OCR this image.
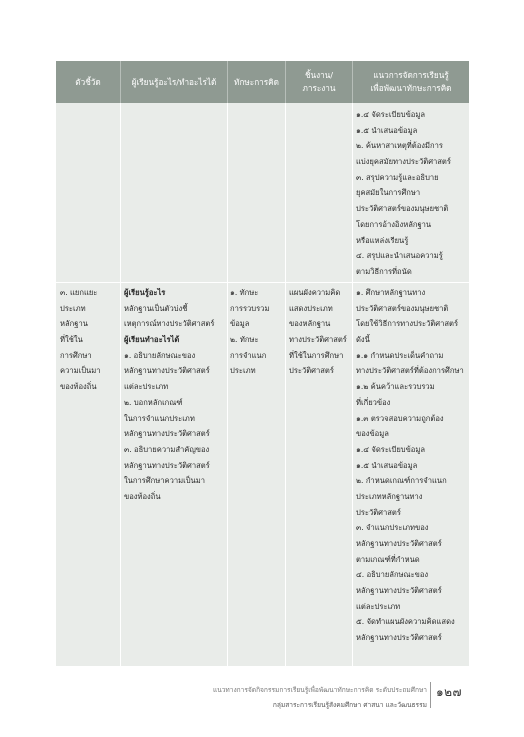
ตัวชี้วัด	ผู้เรียนรู้อะไร/ทำอะไรได้ ทักษะการคิด
ชิ้นงาน/
ภาระงาน
แนวการจัดการเรียนรู้
เพื่อพัฒนาทักษะการคิด
๑.๔ จัดระเบียบข้อมูล
๑.๕ นำเสนอข้อมูล
๒. ค้นหาสาเหตุที่ต้องมีการ
แบ่งยุคสมัยทางประวัติศาสตร์
๓. สรุปความรู้และอธิบาย
ยุคสมัยในการศึกษา
ประวัติศาสตร์ของมนุษยชาติ
โดยการอ้างอิงหลักฐาน
หรือแหล่งเรียนรู้
๔. สรุปและนำเสนอความรู้
ตามวิธีการที่ถนัด
๓. แยกแยะ
ประเภท
หลักฐาน
ที่ใช้ใน
การศึกษา
ความเป็นมา
ของท้องถิ่น
ผู้เรียนรู้อะไร
หลักฐานเป็นตัวบ่งชี้
เหตุการณ์ทางประวัติศาสตร์
ผู้เรียนทำอะไรได้
๑. อธิบายลักษณะของ
หลักฐานทางประวัติศาสตร์
แต่ละประเภท
๒. บอกหลักเกณฑ์
ในการจำแนกประเภท
หลักฐานทางประวัติศาสตร์
๓. อธิบายความสำคัญของ
หลักฐานทางประวัติศาสตร์
ในการศึกษาความเป็นมา
ของท้องถิ่น
๑. ทักษะ
การรวบรวม
ข้อมูล
๒. ทักษะ
การจำแนก
ประเภท
แผนผังความคิด
แสดงประเภท
ของหลักฐาน
ทางประวัติศาสตร์
ที่ใช้ในการศึกษา
ประวัติศาสตร์
๑. ศึกษาหลักฐานทาง
ประวัติศาสตร์ของมนุษยชาติ
โดยใช้วิธีการทางประวัติศาสตร์
ดังนี้
๑.๑ กำหนดประเด็นคำถาม
ทางประวัติศาสตร์ที่ต้องการศึกษา
๑.๒ ค้นคว้าและรวบรวม
ที่เกี่ยวข้อง
๑.๓ ตรวจสอบความถูกต้อง
ของข้อมูล
๑.๔ จัดระเบียบข้อมูล
๑.๕ นำเสนอข้อมูล
๒. กำหนดเกณฑ์การจำแนก
ประเภทหลักฐานทาง
ประวัติศาสตร์
๓. จำแนกประเภทของ
หลักฐานทางประวัติศาสตร์
ตามเกณฑ์ที่กำหนด
๔. อธิบายลักษณะของ
หลักฐานทางประวัติศาสตร์
แต่ละประเภท
๕. จัดทำแผนผังความคิดแสดง
หลักฐานทางประวัติศาสตร์
แนวทางการจัดกิจกรรมการเรียนรู้เพื่อพัฒนาทักษะการคิด ระดับประถมศึกษา
กลุ่มสาระการเรียนรู้สังคมศึกษา ศาสนา และวัฒนธรรม
๑๒๗
